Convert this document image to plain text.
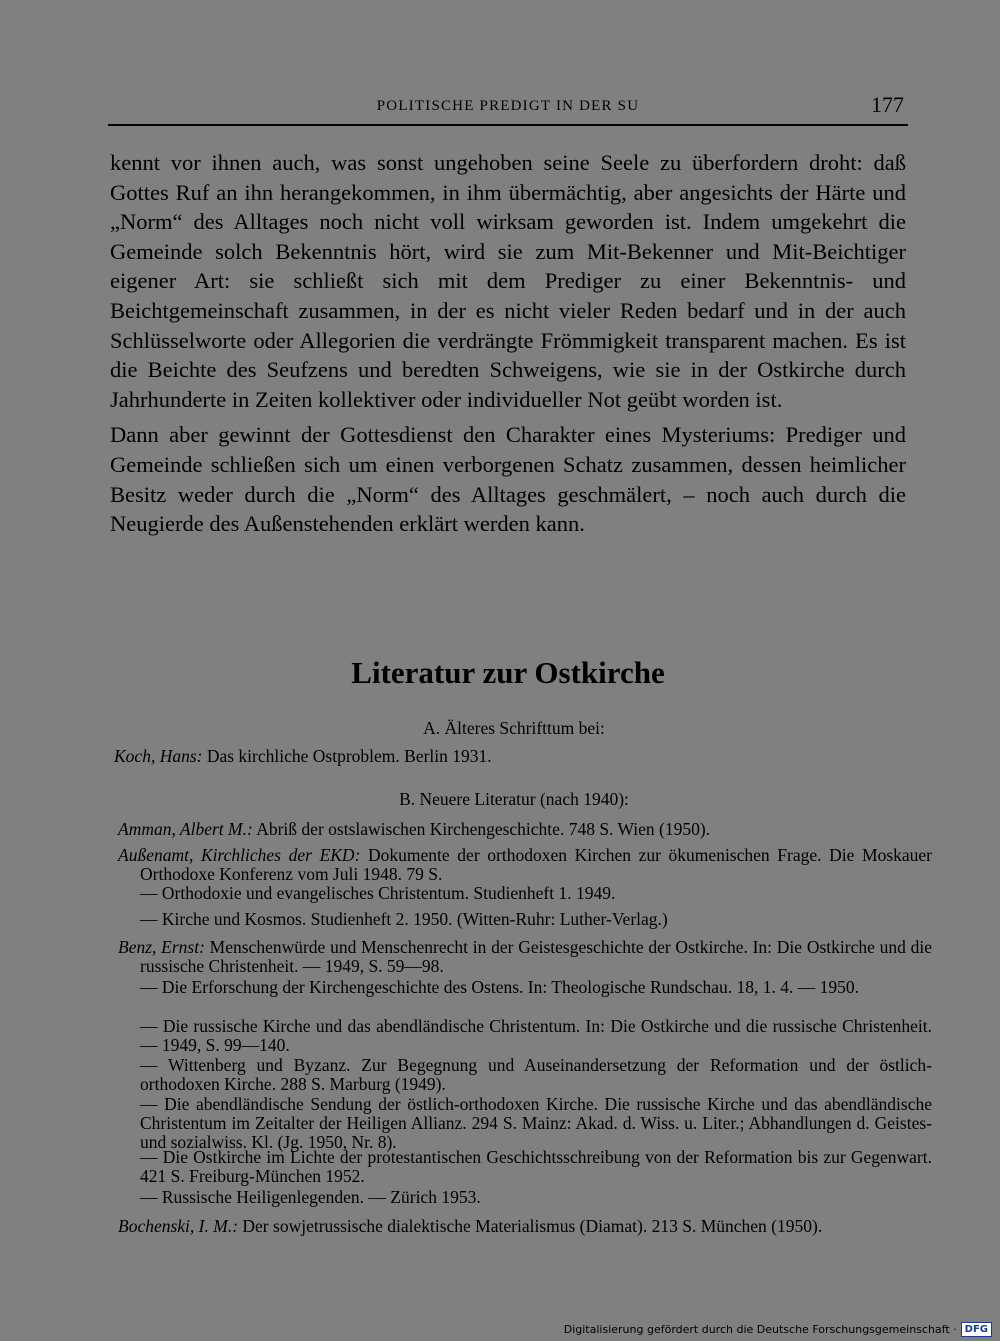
POLITISCHE PREDIGT IN DER SU	177

kennt vor ihnen auch, was sonst ungehoben seine Seele zu überfordern droht: daß Gottes Ruf an ihn herangekommen, in ihm übermächtig, aber angesichts der Härte und „Norm“ des Alltages noch nicht voll wirksam geworden ist. Indem umgekehrt die Gemeinde solch Bekenntnis hört, wird sie zum Mit-Bekenner und Mit-Beichtiger eigener Art: sie schließt sich mit dem Prediger zu einer Bekenntnis- und Beichtgemeinschaft zusammen, in der es nicht vieler Reden bedarf und in der auch Schlüsselworte oder Allegorien die verdrängte Frömmigkeit transparent machen. Es ist die Beichte des Seufzens und beredten Schweigens, wie sie in der Ostkirche durch Jahrhunderte in Zeiten kollektiver oder individueller Not geübt worden ist.

Dann aber gewinnt der Gottesdienst den Charakter eines Mysteriums: Prediger und Gemeinde schließen sich um einen verborgenen Schatz zusammen, dessen heimlicher Besitz weder durch die „Norm“ des Alltages geschmälert, – noch auch durch die Neugierde des Außenstehenden erklärt werden kann.

Literatur zur Ostkirche
A. Älteres Schrifttum bei:
Koch, Hans: Das kirchliche Ostproblem. Berlin 1931.
B. Neuere Literatur (nach 1940):
Amman, Albert M.: Abriß der ostslawischen Kirchengeschichte. 748 S. Wien (1950).
Außenamt, Kirchliches der EKD: Dokumente der orthodoxen Kirchen zur ökumenischen Frage. Die Moskauer Orthodoxe Konferenz vom Juli 1948. 79 S.
— Orthodoxie und evangelisches Christentum. Studienheft 1. 1949.
— Kirche und Kosmos. Studienheft 2. 1950. (Witten-Ruhr: Luther-Verlag.)
Benz, Ernst: Menschenwürde und Menschenrecht in der Geistesgeschichte der Ostkirche. In: Die Ostkirche und die russische Christenheit. — 1949, S. 59—98.
— Die Erforschung der Kirchengeschichte des Ostens. In: Theologische Rundschau. 18, 1. 4. — 1950.
— Die russische Kirche und das abendländische Christentum. In: Die Ostkirche und die russische Christenheit. — 1949, S. 99—140.
— Wittenberg und Byzanz. Zur Begegnung und Auseinandersetzung der Reformation und der östlich-orthodoxen Kirche. 288 S. Marburg (1949).
— Die abendländische Sendung der östlich-orthodoxen Kirche. Die russische Kirche und das abendländische Christentum im Zeitalter der Heiligen Allianz. 294 S. Mainz: Akad. d. Wiss. u. Liter.; Abhandlungen d. Geistes- und sozialwiss. Kl. (Jg. 1950, Nr. 8).
— Die Ostkirche im Lichte der protestantischen Geschichtsschreibung von der Reformation bis zur Gegenwart. 421 S. Freiburg-München 1952.
— Russische Heiligenlegenden. — Zürich 1953.
Bochenski, I. M.: Der sowjetrussische dialektische Materialismus (Diamat). 213 S. München (1950).
Digitalisierung gefördert durch die Deutsche Forschungsgemeinschaft · DFG
